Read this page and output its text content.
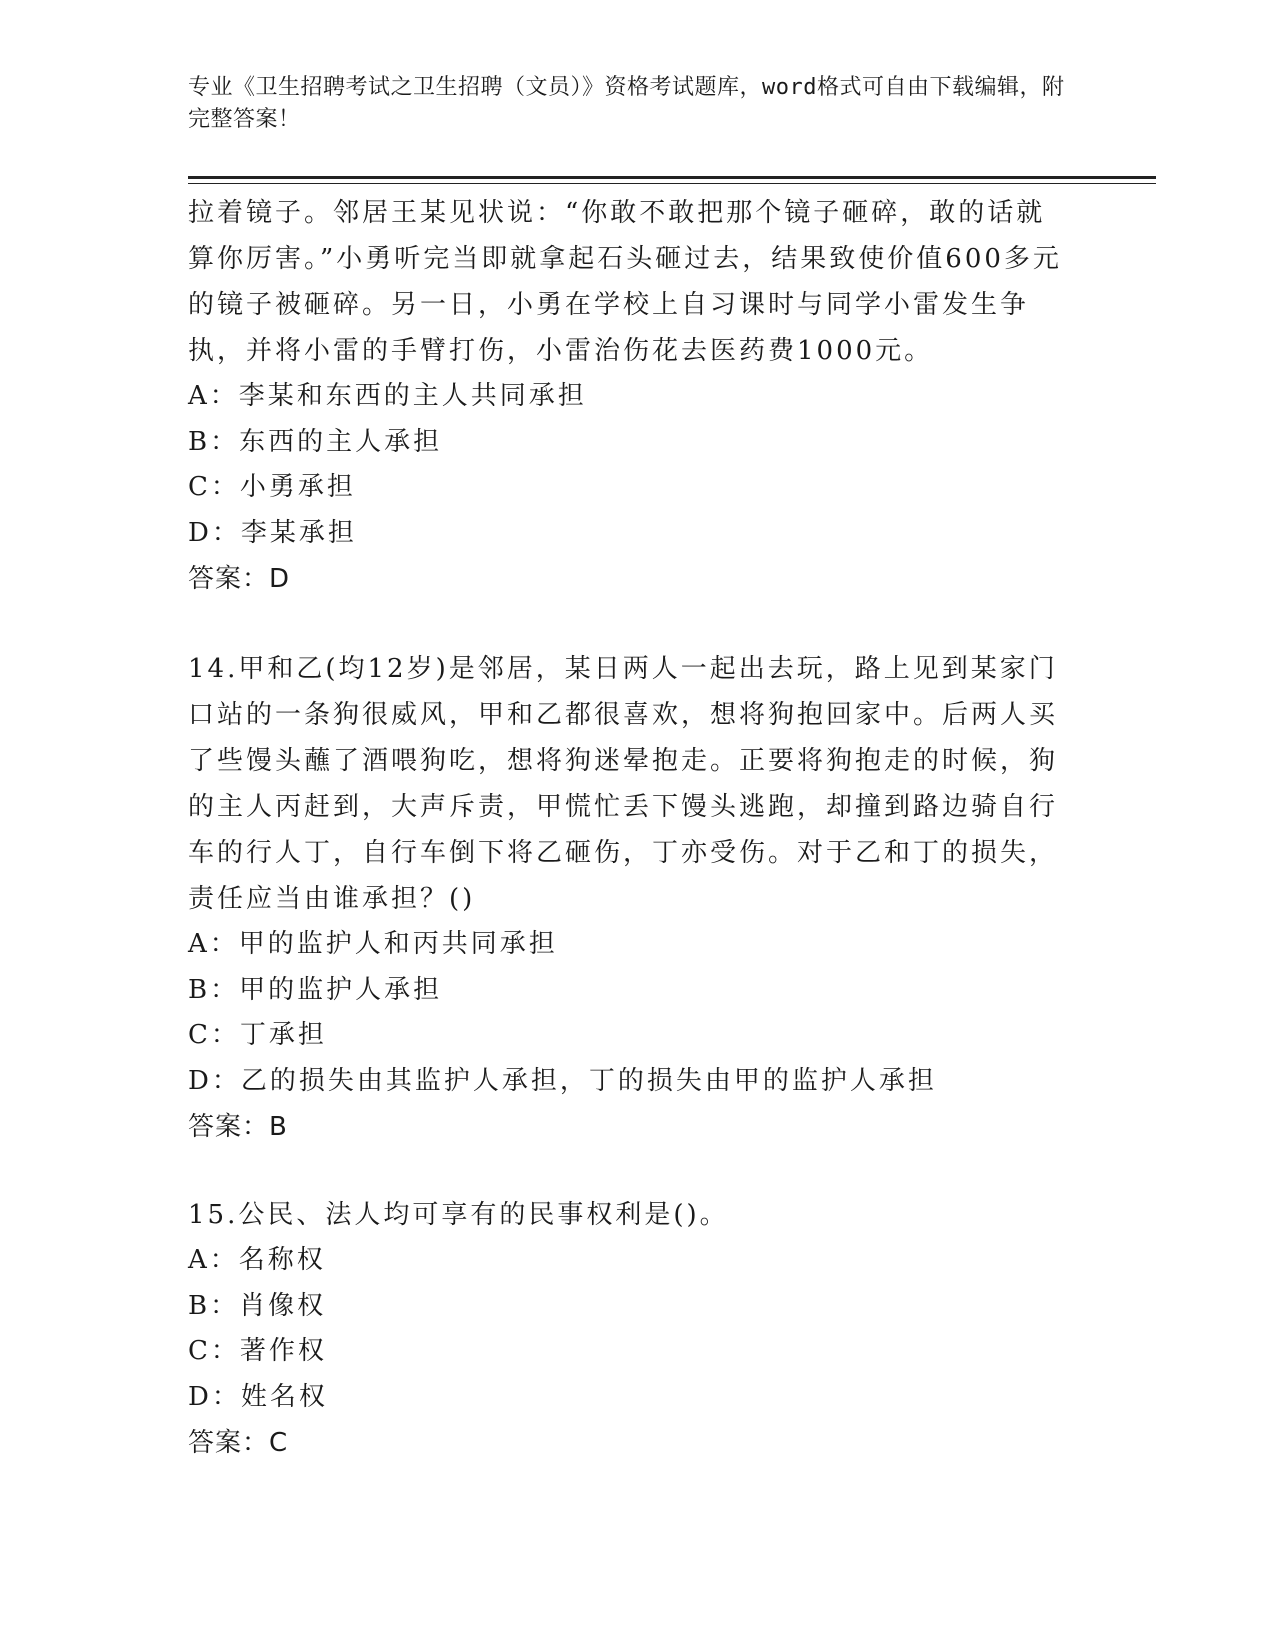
专业《卫生招聘考试之卫生招聘（文员）》资格考试题库，word格式可自由下载编辑，附完整答案！

拉着镜子。邻居王某见状说：“你敢不敢把那个镜子砸碎，敢的话就算你厉害。”小勇听完当即就拿起石头砸过去，结果致使价值600多元的镜子被砸碎。另一日，小勇在学校上自习课时与同学小雷发生争执，并将小雷的手臂打伤，小雷治伤花去医药费1000元。

A：李某和东西的主人共同承担

B：东西的主人承担

C：小勇承担

D：李某承担

答案：D

14.甲和乙(均12岁)是邻居，某日两人一起出去玩，路上见到某家门口站的一条狗很威风，甲和乙都很喜欢，想将狗抱回家中。后两人买了些馒头蘸了酒喂狗吃，想将狗迷晕抱走。正要将狗抱走的时候，狗的主人丙赶到，大声斥责，甲慌忙丢下馒头逃跑，却撞到路边骑自行车的行人丁，自行车倒下将乙砸伤，丁亦受伤。对于乙和丁的损失，责任应当由谁承担？()

A：甲的监护人和丙共同承担

B：甲的监护人承担

C：丁承担

D：乙的损失由其监护人承担，丁的损失由甲的监护人承担

答案：B

15.公民、法人均可享有的民事权利是()。

A：名称权

B：肖像权

C：著作权

D：姓名权

答案：C
